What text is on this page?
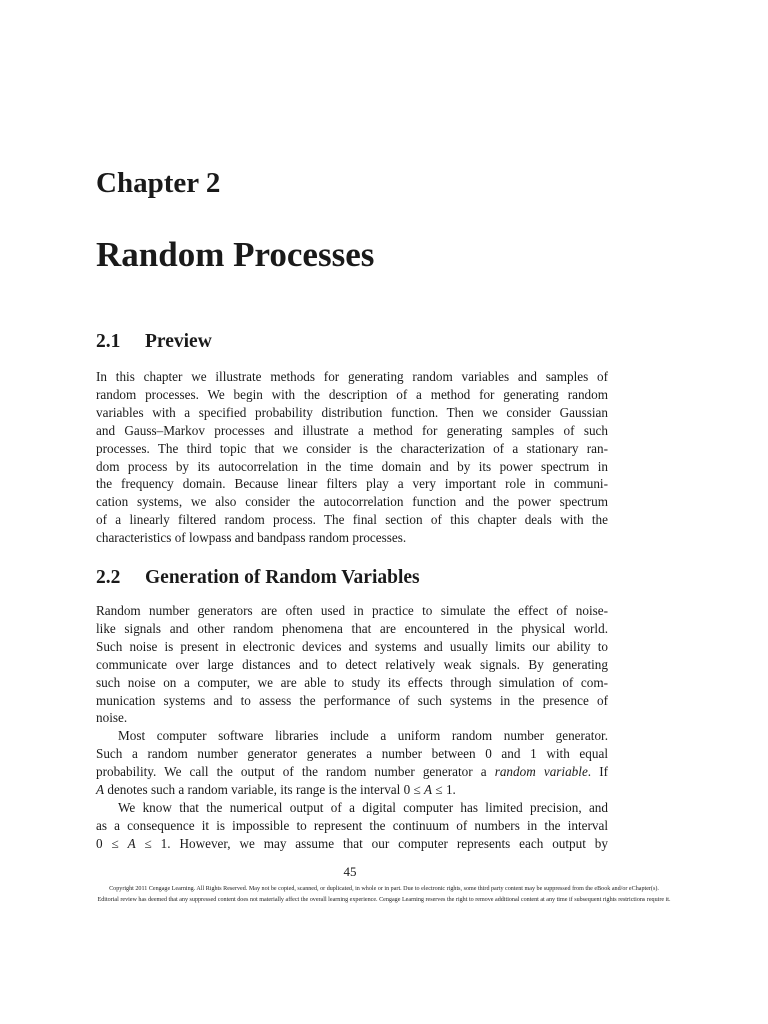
Chapter 2
Random Processes
2.1 Preview
In this chapter we illustrate methods for generating random variables and samples of
random processes. We begin with the description of a method for generating random
variables with a specified probability distribution function. Then we consider Gaussian
and Gauss–Markov processes and illustrate a method for generating samples of such
processes. The third topic that we consider is the characterization of a stationary ran-
dom process by its autocorrelation in the time domain and by its power spectrum in
the frequency domain. Because linear filters play a very important role in communi-
cation systems, we also consider the autocorrelation function and the power spectrum
of a linearly filtered random process. The final section of this chapter deals with the
characteristics of lowpass and bandpass random processes.
2.2 Generation of Random Variables
Random number generators are often used in practice to simulate the effect of noise-
like signals and other random phenomena that are encountered in the physical world.
Such noise is present in electronic devices and systems and usually limits our ability to
communicate over large distances and to detect relatively weak signals. By generating
such noise on a computer, we are able to study its effects through simulation of com-
munication systems and to assess the performance of such systems in the presence of
noise.
Most computer software libraries include a uniform random number generator.
Such a random number generator generates a number between 0 and 1 with equal
probability. We call the output of the random number generator a random variable. If
A denotes such a random variable, its range is the interval 0 ≤ A ≤ 1.
We know that the numerical output of a digital computer has limited precision, and
as a consequence it is impossible to represent the continuum of numbers in the interval
0 ≤ A ≤ 1. However, we may assume that our computer represents each output by
45
Copyright 2011 Cengage Learning. All Rights Reserved. May not be copied, scanned, or duplicated, in whole or in part. Due to electronic rights, some third party content may be suppressed from the eBook and/or eChapter(s).
Editorial review has deemed that any suppressed content does not materially affect the overall learning experience. Cengage Learning reserves the right to remove additional content at any time if subsequent rights restrictions require it.
